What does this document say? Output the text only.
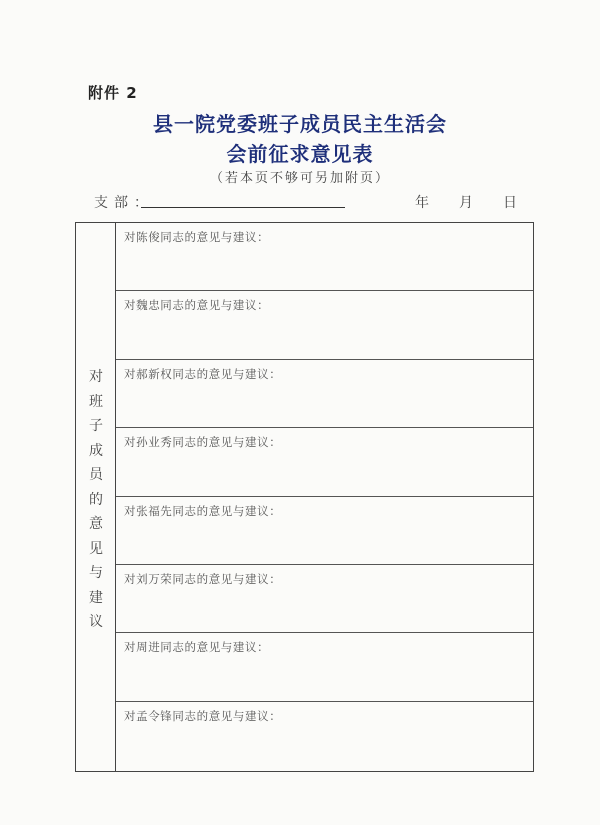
附件 2
县一院党委班子成员民主生活会
会前征求意见表
（若本页不够可另加附页）
支部：	年 月 日
对
班
子
成
员
的
意
见
与
建
议
对陈俊同志的意见与建议：
对魏忠同志的意见与建议：
对郝新权同志的意见与建议：
对孙业秀同志的意见与建议：
对张福先同志的意见与建议：
对刘万荣同志的意见与建议：
对周进同志的意见与建议：
对孟令锋同志的意见与建议：
